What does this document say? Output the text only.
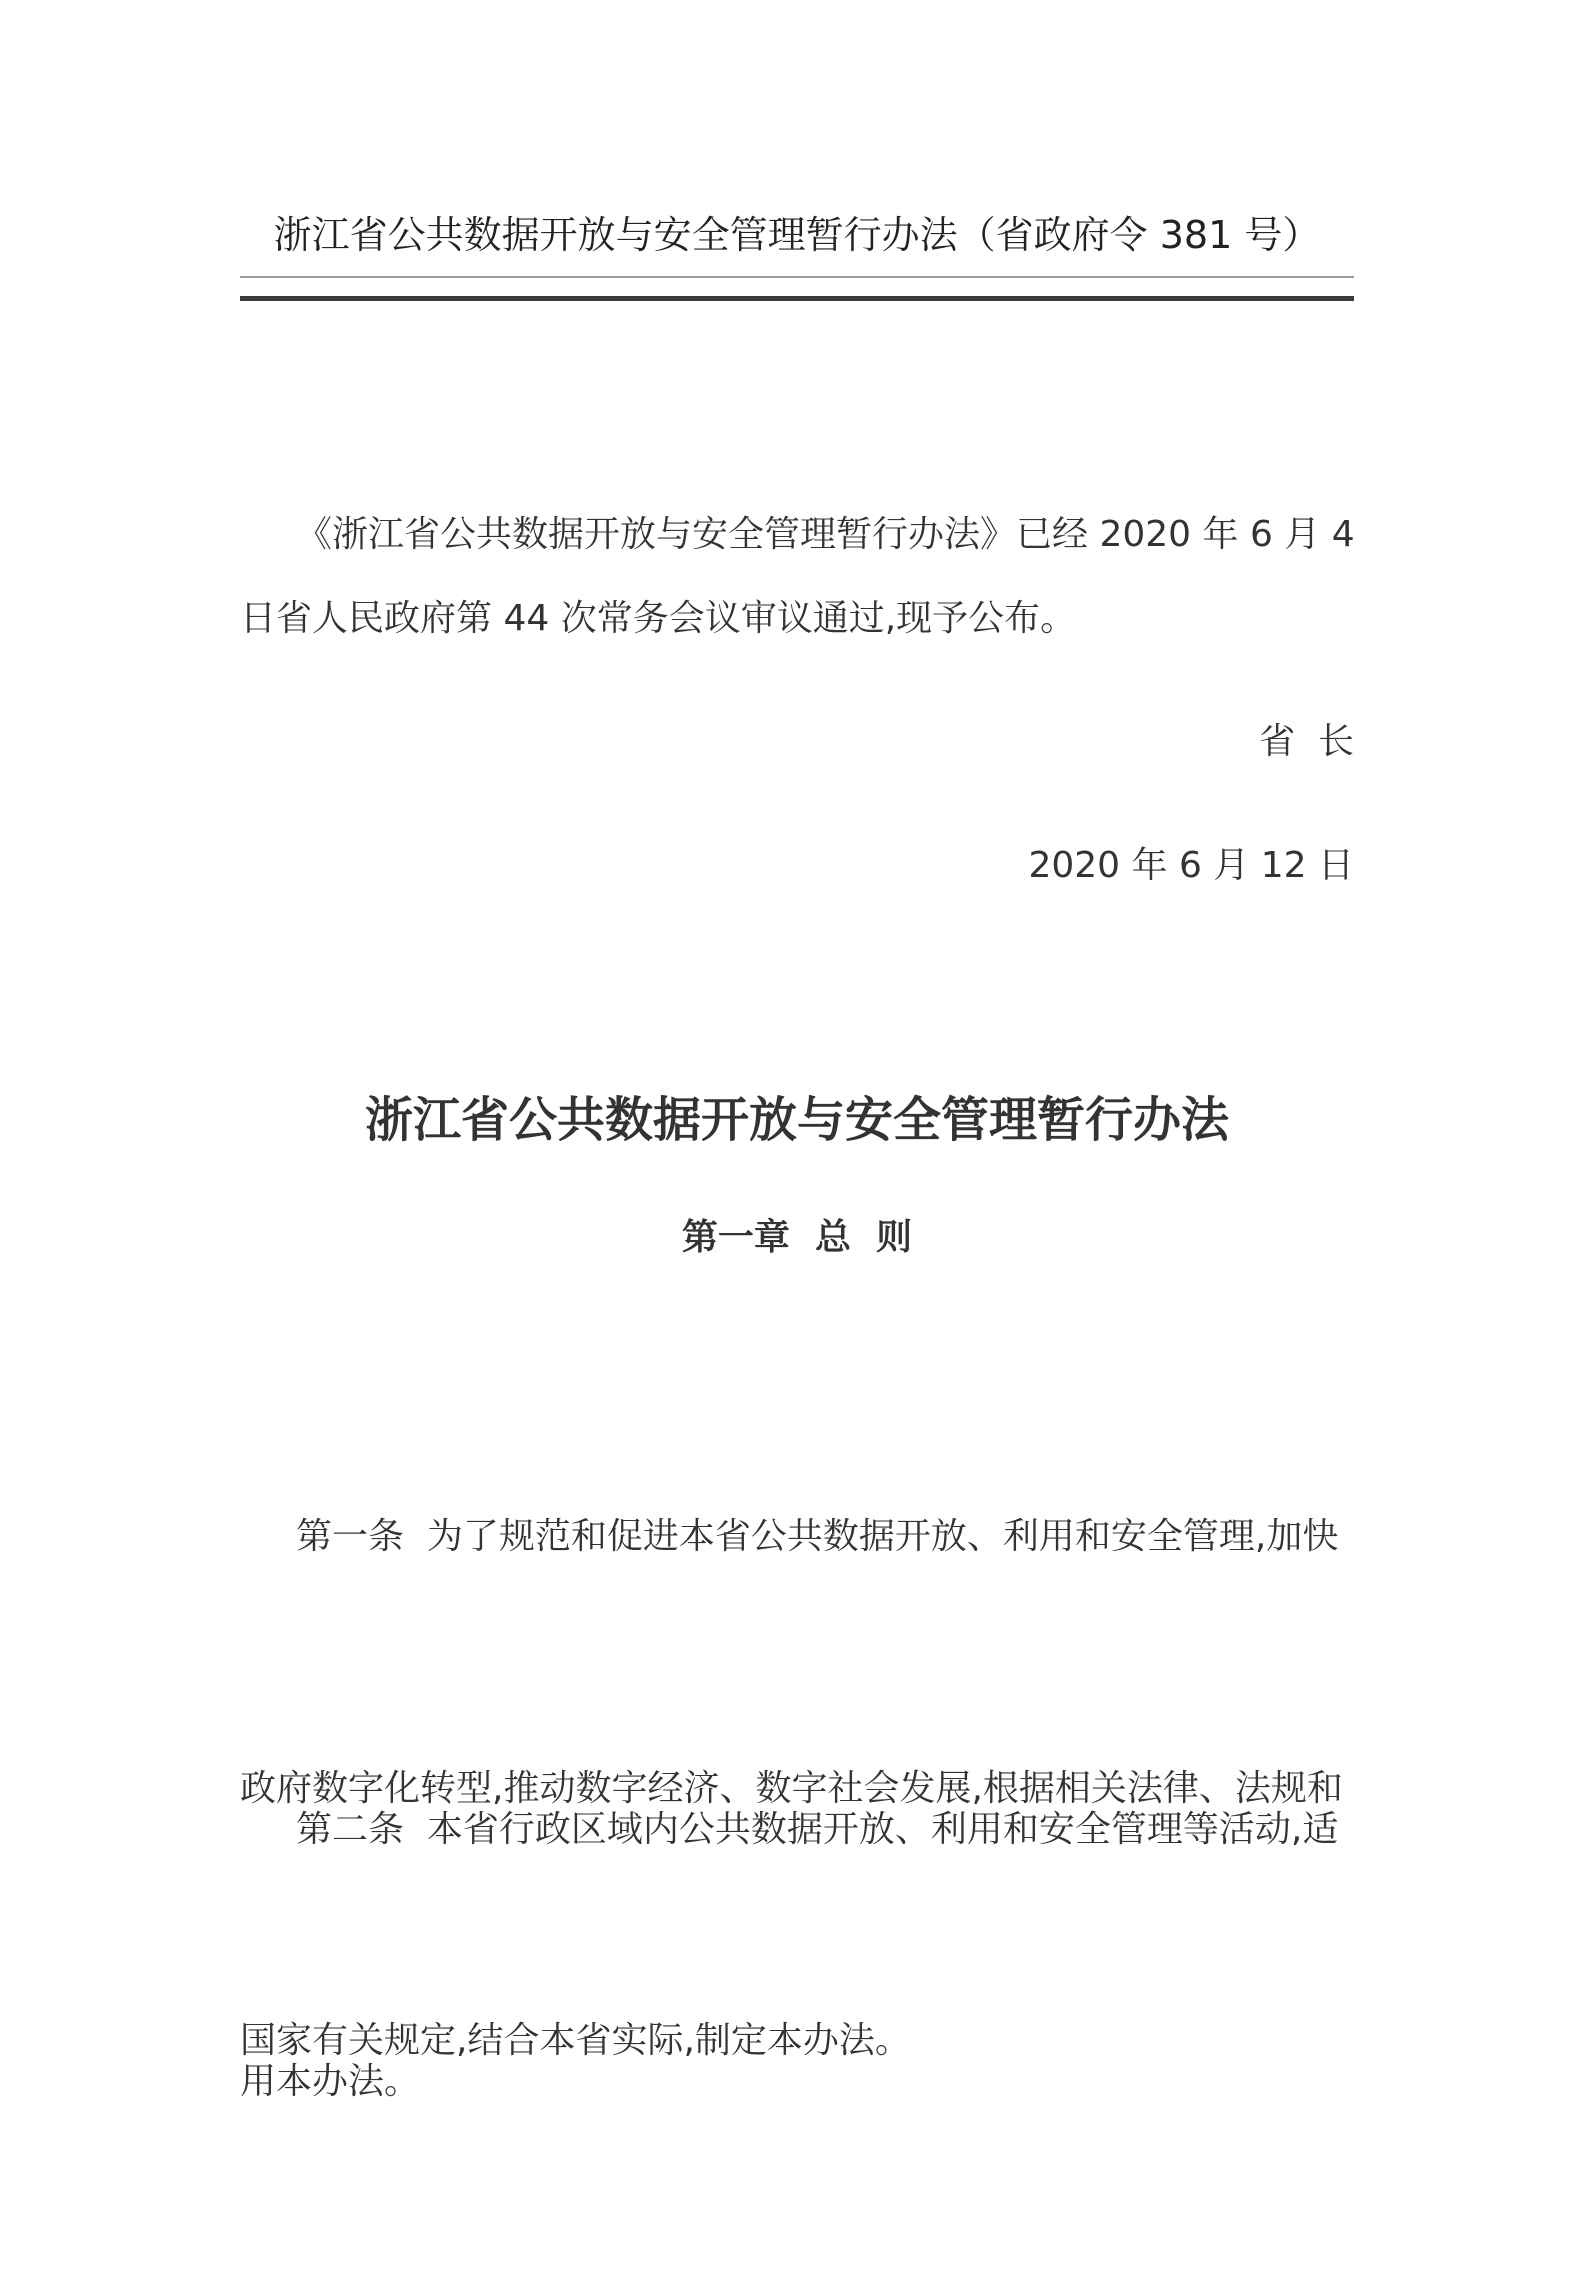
浙江省公共数据开放与安全管理暂行办法（省政府令 381 号）
《浙江省公共数据开放与安全管理暂行办法》已经 2020 年 6 月 4
日省人民政府第 44 次常务会议审议通过,现予公布。
省  长
2020 年 6 月 12 日
浙江省公共数据开放与安全管理暂行办法
第一章  总  则

第一条  为了规范和促进本省公共数据开放、利用和安全管理,加快

政府数字化转型,推动数字经济、数字社会发展,根据相关法律、法规和

国家有关规定,结合本省实际,制定本办法。

第二条  本省行政区域内公共数据开放、利用和安全管理等活动,适

用本办法。
